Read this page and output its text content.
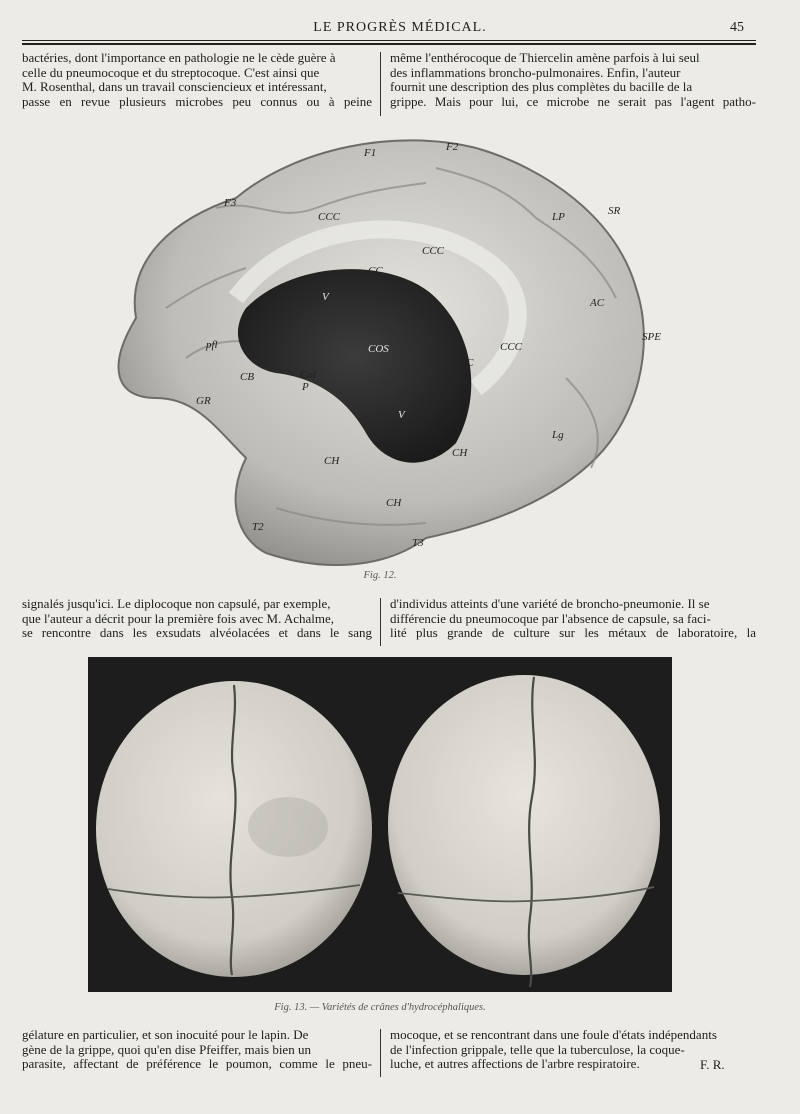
LE PROGRÈS MÉDICAL.	45

bactéries, dont l'importance en pathologie ne le cède guère à

celle du pneumocoque et du streptocoque. C'est ainsi que

M. Rosenthal, dans un travail consciencieux et intéressant,

passe en revue plusieurs microbes peu connus ou à peine

même l'enthérocoque de Thiercelin amène parfois à lui seul

des inflammations broncho-pulmonaires. Enfin, l'auteur

fournit une description des plus complètes du bacille de la

grippe. Mais pour lui, ce microbe ne serait pas l'agent patho-

F1	F2
F3
CCC	SR
LP
CCC
CC
V	AC
SPE
COS	CCC
pfl
CB	Col
P
GR
V
C
Lg
CH
CH
CH
T2
T3
Fig. 12.

signalés jusqu'ici. Le diplocoque non capsulé, par exemple,

que l'auteur a décrit pour la première fois avec M. Achalme,

se rencontre dans les exsudats alvéolacées et dans le sang

d'individus atteints d'une variété de broncho-pneumonie. Il se

différencie du pneumocoque par l'absence de capsule, sa faci-

lité plus grande de culture sur les métaux de laboratoire, la

Fig. 13. — Variétés de crânes d'hydrocéphaliques.

gélature en particulier, et son inocuité pour le lapin. De

gène de la grippe, quoi qu'en dise Pfeiffer, mais bien un

parasite, affectant de préférence le poumon, comme le pneu-

mocoque, et se rencontrant dans une foule d'états indépendants

de l'infection grippale, telle que la tuberculose, la coque-

luche, et autres affections de l'arbre respiratoire.	F. R.
